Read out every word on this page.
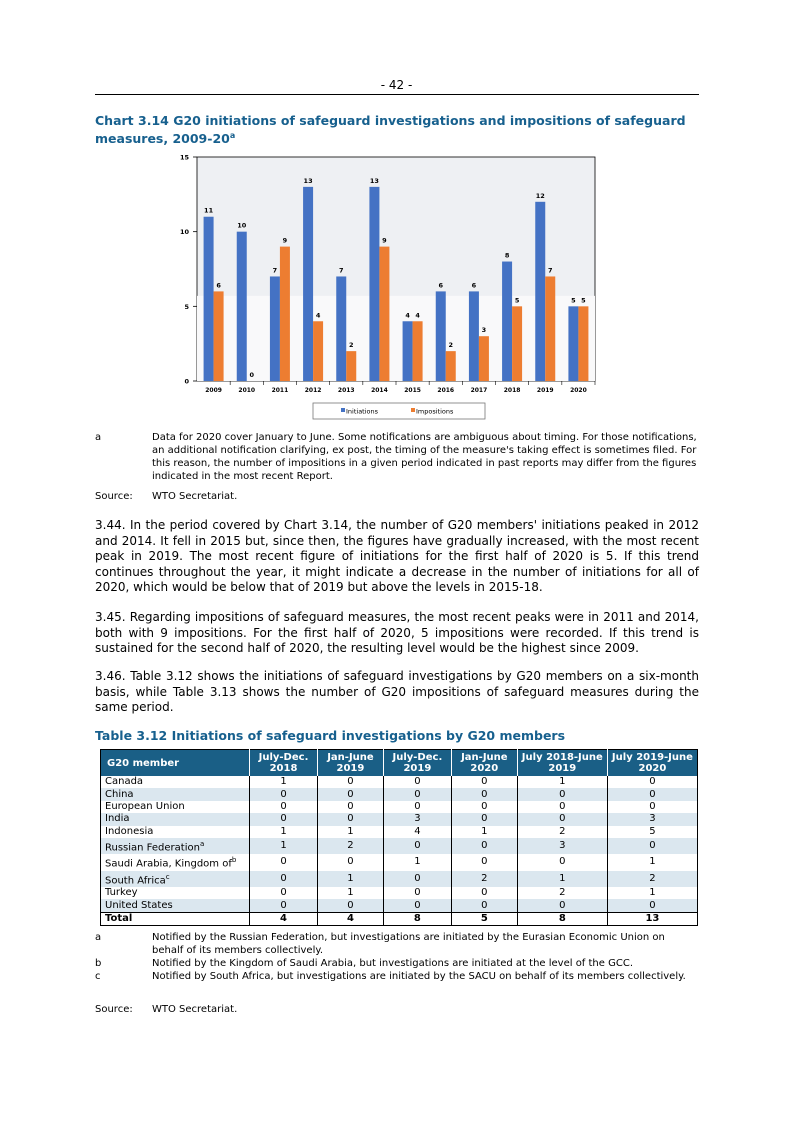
- 42 -
Chart 3.14 G20 initiations of safeguard investigations and impositions of safeguard measures, 2009-20$^a$
0
5
10
15
2009
11
6
2010
10
0
2011
7
9
2012
13
4
2013
7
2
2014
13
9
2015
4 4
2016
6
2
2017
6
3
2018
8
5
2019
12
7
2020
5 5
Initiations	Impositions
a	Data for 2020 cover January to June. Some notifications are ambiguous about timing. For those notifications, an additional notification clarifying, ex post, the timing of the measure's taking effect is sometimes filed. For this reason, the number of impositions in a given period indicated in past reports may differ from the figures indicated in the most recent Report.
Source: WTO Secretariat.
3.44. In the period covered by Chart 3.14, the number of G20 members' initiations peaked in 2012 and 2014. It fell in 2015 but, since then, the figures have gradually increased, with the most recent peak in 2019. The most recent figure of initiations for the first half of 2020 is 5. If this trend continues throughout the year, it might indicate a decrease in the number of initiations for all of 2020, which would be below that of 2019 but above the levels in 2015-18.
3.45. Regarding impositions of safeguard measures, the most recent peaks were in 2011 and 2014, both with 9 impositions. For the first half of 2020, 5 impositions were recorded. If this trend is sustained for the second half of 2020, the resulting level would be the highest since 2009.
3.46. Table 3.12 shows the initiations of safeguard investigations by G20 members on a six-month basis, while Table 3.13 shows the number of G20 impositions of safeguard measures during the same period.
Table 3.12 Initiations of safeguard investigations by G20 members
G20 member	July-Dec. 2018	Jan-June 2019	July-Dec. 2019	Jan-June 2020	July 2018-June 2019	July 2019-June 2020
Canada	1	0	0	0	1	0
China	0	0	0	0	0	0
European Union	0	0	0	0	0	0
India	0	0	3	0	0	3
Indonesia	1	1	4	1	2	5
Russian Federation$^a$	1	2	0	0	3	0
Saudi Arabia, Kingdom $of^b$	0	0	1	0	0	1
South Africa$^c$	0	1	0	2	1	2
Turkey	0	1	0	0	2	1
United States	0	0	0	0	0	0
Total	4	4	8	5	8	13
a	Notified by the Russian Federation, but investigations are initiated by the Eurasian Economic Union on behalf of its members collectively.
b	Notified by the Kingdom of Saudi Arabia, but investigations are initiated at the level of the GCC.
c	Notified by South Africa, but investigations are initiated by the SACU on behalf of its members collectively.
Source: WTO Secretariat.
